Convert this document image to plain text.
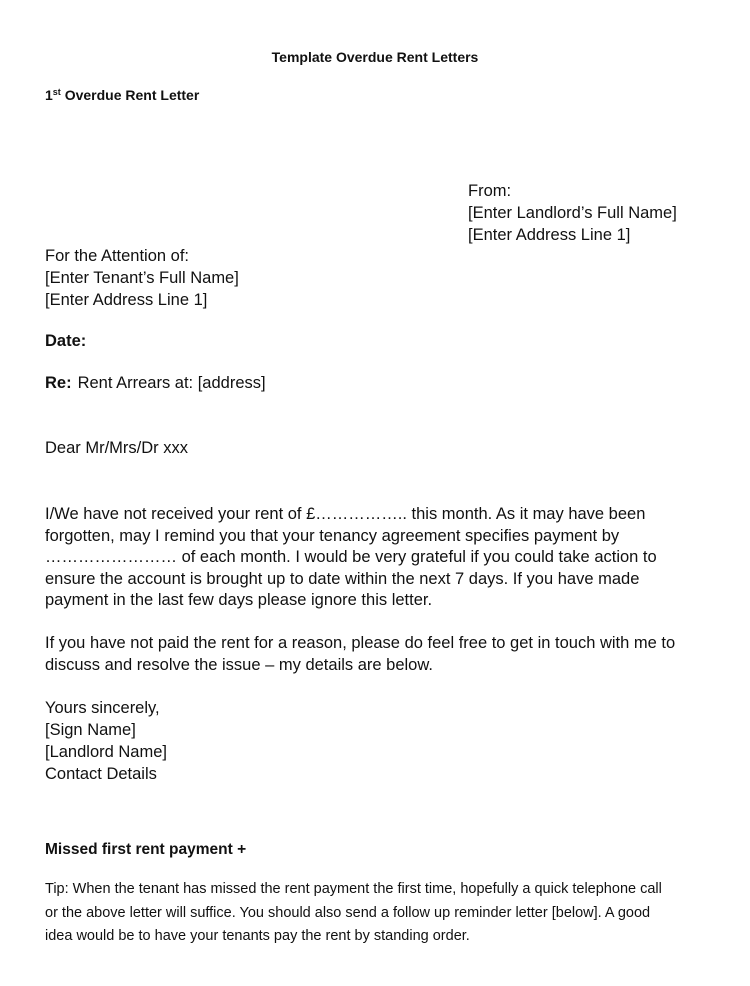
Template Overdue Rent Letters
1st Overdue Rent Letter
From:
[Enter Landlord’s Full Name]
[Enter Address Line 1]
For the Attention of:
[Enter Tenant’s Full Name]
[Enter Address Line 1]
Date:
Re: Rent Arrears at: [address]
Dear Mr/Mrs/Dr xxx
I/We have not received your rent of £…………….. this month. As it may have been
forgotten, may I remind you that your tenancy agreement specifies payment by
…………………… of each month. I would be very grateful if you could take action to
ensure the account is brought up to date within the next 7 days. If you have made
payment in the last few days please ignore this letter.
If you have not paid the rent for a reason, please do feel free to get in touch with me to
discuss and resolve the issue – my details are below.
Yours sincerely,
[Sign Name]
[Landlord Name]
Contact Details
Missed first rent payment +
Tip: When the tenant has missed the rent payment the first time, hopefully a quick telephone call
or the above letter will suffice. You should also send a follow up reminder letter [below]. A good
idea would be to have your tenants pay the rent by standing order.
